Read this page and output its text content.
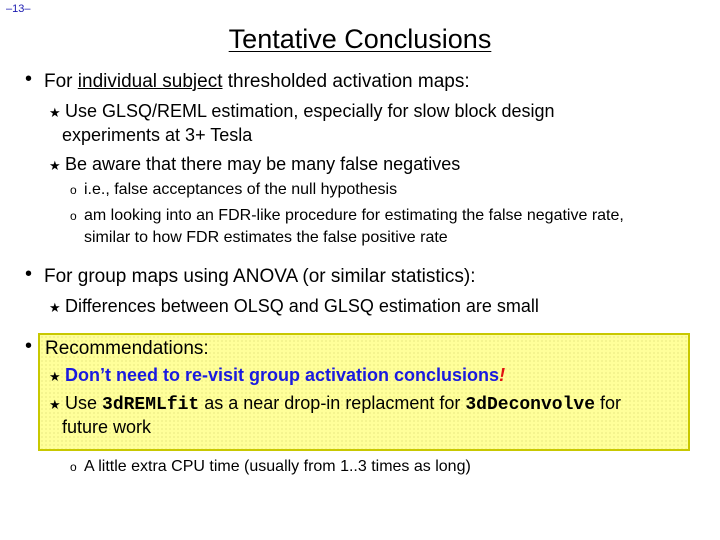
–13–
Tentative Conclusions
• For individual subject thresholded activation maps:
★ Use GLSQ/REML estimation, especially for slow block design
experiments at 3+ Tesla
★ Be aware that there may be many false negatives
o i.e., false acceptances of the null hypothesis
o am looking into an FDR-like procedure for estimating the false negative rate,
similar to how FDR estimates the false positive rate
• For group maps using ANOVA (or similar statistics):
★ Differences between OLSQ and GLSQ estimation are small
• Recommendations:
★ Don’t need to re-visit group activation conclusions!
★ Use 3dREMLfit as a near drop-in replacment for 3dDeconvolve for
future work
o A little extra CPU time (usually from 1..3 times as long)
